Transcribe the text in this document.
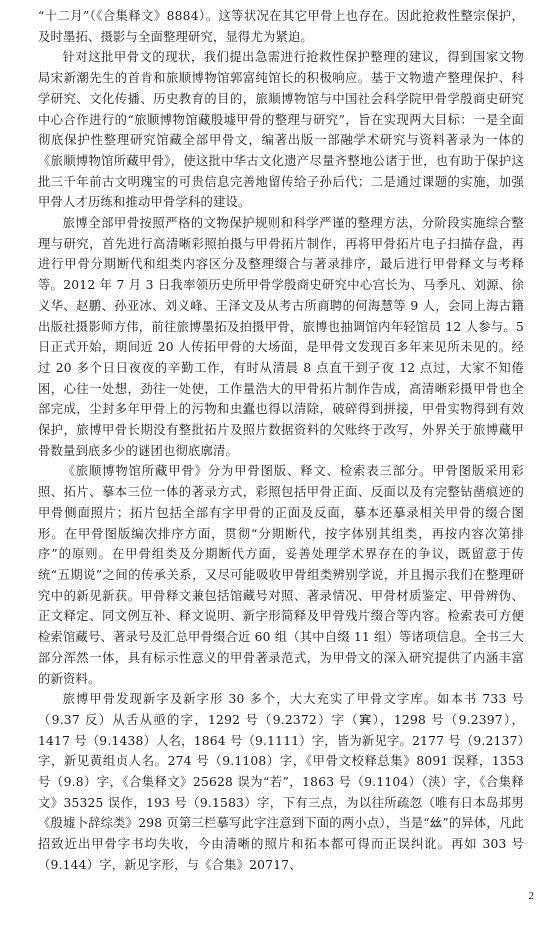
“十二月”（《合集释文》8884）。这等状况在其它甲骨上也存在。因此抢救性整宗保护，及时墨拓、摄影与全面整理研究，显得尤为紧迫。

针对这批甲骨文的现状，我们提出急需进行抢救性保护整理的建议，得到国家文物局宋新潮先生的首肯和旅顺博物馆郭富纯馆长的积极响应。基于文物遗产整理保护、科学研究、文化传播、历史教育的目的，旅顺博物馆与中国社会科学院甲骨学殷商史研究中心合作进行的“旅顺博物馆藏殷墟甲骨的整理与研究”，旨在实现两大目标：一是全面彻底保护性整理研究馆藏全部甲骨文，编著出版一部融学术研究与资料著录为一体的《旅顺博物馆所藏甲骨》，使这批中华古文化遗产尽量齐整地公诸于世，也有助于保护这批三千年前古文明瑰宝的可贵信息完善地留传给子孙后代；二是通过课题的实施，加强甲骨人才历练和推动甲骨学科的建设。

旅博全部甲骨按照严格的文物保护规则和科学严谨的整理方法，分阶段实施综合整理与研究，首先进行高清晰彩照拍摄与甲骨拓片制作，再将甲骨拓片电子扫描存盘，再进行甲骨分期断代和组类内容区分及整理缀合与著录排序，最后进行甲骨释文与考释等。2012 年 7 月 3 日我率领历史所甲骨学殷商史研究中心宫长为、马季凡、刘源、徐义华、赵鹏、孙亚冰、刘义峰、王泽文及从考古所商聘的何海慧等 9 人，会同上海古籍出版社摄影师方伟，前往旅博墨拓及拍摄甲骨，旅博也抽调馆内年轻馆员 12 人参与。5 日正式开始，期间近 20 人传拓甲骨的大场面，是甲骨文发现百多年来见所未见的。经过 20 多个日日夜夜的辛勤工作，有时从清晨 8 点直干到子夜 12 点过，大家不知倦困，心往一处想，劲往一处使，工作量浩大的甲骨拓片制作告成，高清晰彩摄甲骨也全部完成，尘封多年甲骨上的污物和虫蠹也得以清除，破碎得到拼接，甲骨实物得到有效保护，旅博甲骨长期没有整批拓片及照片数据资料的欠账终于改写，外界关于旅博藏甲骨数量到底多少的谜团也彻底廓清。

《旅顺博物馆所藏甲骨》分为甲骨图版、释文、检索表三部分。甲骨图版采用彩照、拓片、摹本三位一体的著录方式，彩照包括甲骨正面、反面以及有完整钻凿痕迹的甲骨侧面照片；拓片包括全部有字甲骨的正面及反面，摹本还摹录相关甲骨的缀合图形。在甲骨图版编次排序方面，贯彻“分期断代，按字体别其组类，再按内容次第排序”的原则。在甲骨组类及分期断代方面，妥善处理学术界存在的争议，既留意于传统“五期说”之间的传承关系，又尽可能吸收甲骨组类辨别学说，并且揭示我们在整理研究中的新见新获。甲骨释文兼包括馆藏号对照、著录情况、甲骨材质鉴定、甲骨辨伪、正文释定、同文例互补、释文说明、新字形简释及甲骨残片缀合等内容。检索表可方便检索馆藏号、著录号及汇总甲骨缀合近 60 组（其中自缀 11 组）等诸项信息。全书三大部分浑然一体，具有标示性意义的甲骨著录范式，为甲骨文的深入研究提供了内涵丰富的新资料。

旅博甲骨发现新字及新字形 30 多个，大大充实了甲骨文字库。如本书 733 号（9.37 反）从舌从亟的字，1292 号（9.2372）字（𡨄），1298 号（9.2397），1417 号（9.1438）人名，1864 号（9.1111）字，皆为新见字。2177 号（9.2137）字，新见黄组贞人名。274 号（9.1108）字，《甲骨文校释总集》8091 误释，1353 号（9.8）字，《合集释文》25628 误为“若”，1863 号（9.1104）（浃）字，《合集释文》35325 误作，193 号（9.1583）字，下有三点，为以往所疏忽（唯有日本岛邦男《殷墟卜辞综类》298 页第三栏摹写此字注意到下面的两小点），当是“𢆶”的异体，凡此招致近出甲骨字书均失收，今由清晰的照片和拓本都可得而正误纠讹。再如 303 号（9.144）字，新见字形，与《合集》20717、

2
